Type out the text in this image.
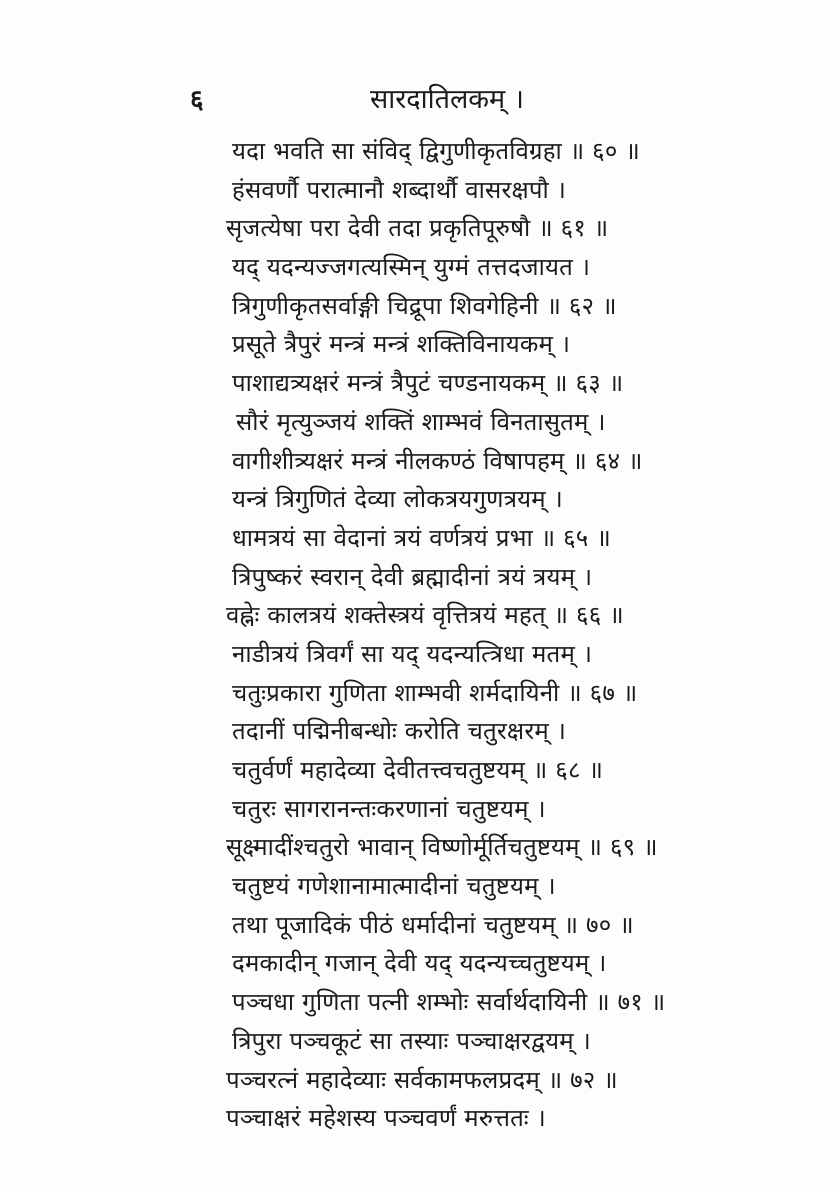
६	सारदातिलकम् ।
यदा भवति सा संविद् द्विगुणीकृतविग्रहा ॥ ६० ॥
हंसवर्णौ परात्मानौ शब्दार्थौ वासरक्षपौ ।
सृजत्येषा परा देवी तदा प्रकृतिपूरुषौ ॥ ६१ ॥
यद् यदन्यज्जगत्यस्मिन् युग्मं तत्तदजायत ।
त्रिगुणीकृतसर्वाङ्गी चिद्रूपा शिवगेहिनी ॥ ६२ ॥
प्रसूते त्रैपुरं मन्त्रं मन्त्रं शक्तिविनायकम् ।
पाशाद्यत्र्यक्षरं मन्त्रं त्रैपुटं चण्डनायकम् ॥ ६३ ॥
सौरं मृत्युञ्जयं शक्तिं शाम्भवं विनतासुतम् ।
वागीशीत्र्यक्षरं मन्त्रं नीलकण्ठं विषापहम् ॥ ६४ ॥
यन्त्रं त्रिगुणितं देव्या लोकत्रयगुणत्रयम् ।
धामत्रयं सा वेदानां त्रयं वर्णत्रयं प्रभा ॥ ६५ ॥
त्रिपुष्करं स्वरान् देवी ब्रह्मादीनां त्रयं त्रयम् ।
वह्नेः कालत्रयं शक्तेस्त्रयं वृत्तित्रयं महत् ॥ ६६ ॥
नाडीत्रयं त्रिवर्गं सा यद् यदन्यत्त्रिधा मतम् ।
चतुःप्रकारा गुणिता शाम्भवी शर्मदायिनी ॥ ६७ ॥
तदानीं पद्मिनीबन्धोः करोति चतुरक्षरम् ।
चतुर्वर्णं महादेव्या देवीतत्त्वचतुष्टयम् ॥ ६८ ॥
चतुरः सागरानन्तःकरणानां चतुष्टयम् ।
सूक्ष्मादींश्चतुरो भावान् विष्णोर्मूर्तिचतुष्टयम् ॥ ६९ ॥
चतुष्टयं गणेशानामात्मादीनां चतुष्टयम् ।
तथा पूजादिकं पीठं धर्मादीनां चतुष्टयम् ॥ ७० ॥
दमकादीन् गजान् देवी यद् यदन्यच्चतुष्टयम् ।
पञ्चधा गुणिता पत्नी शम्भोः सर्वार्थदायिनी ॥ ७१ ॥
त्रिपुरा पञ्चकूटं सा तस्याः पञ्चाक्षरद्वयम् ।
पञ्चरत्नं महादेव्याः सर्वकामफलप्रदम् ॥ ७२ ॥
पञ्चाक्षरं महेशस्य पञ्चवर्णं मरुत्ततः ।
